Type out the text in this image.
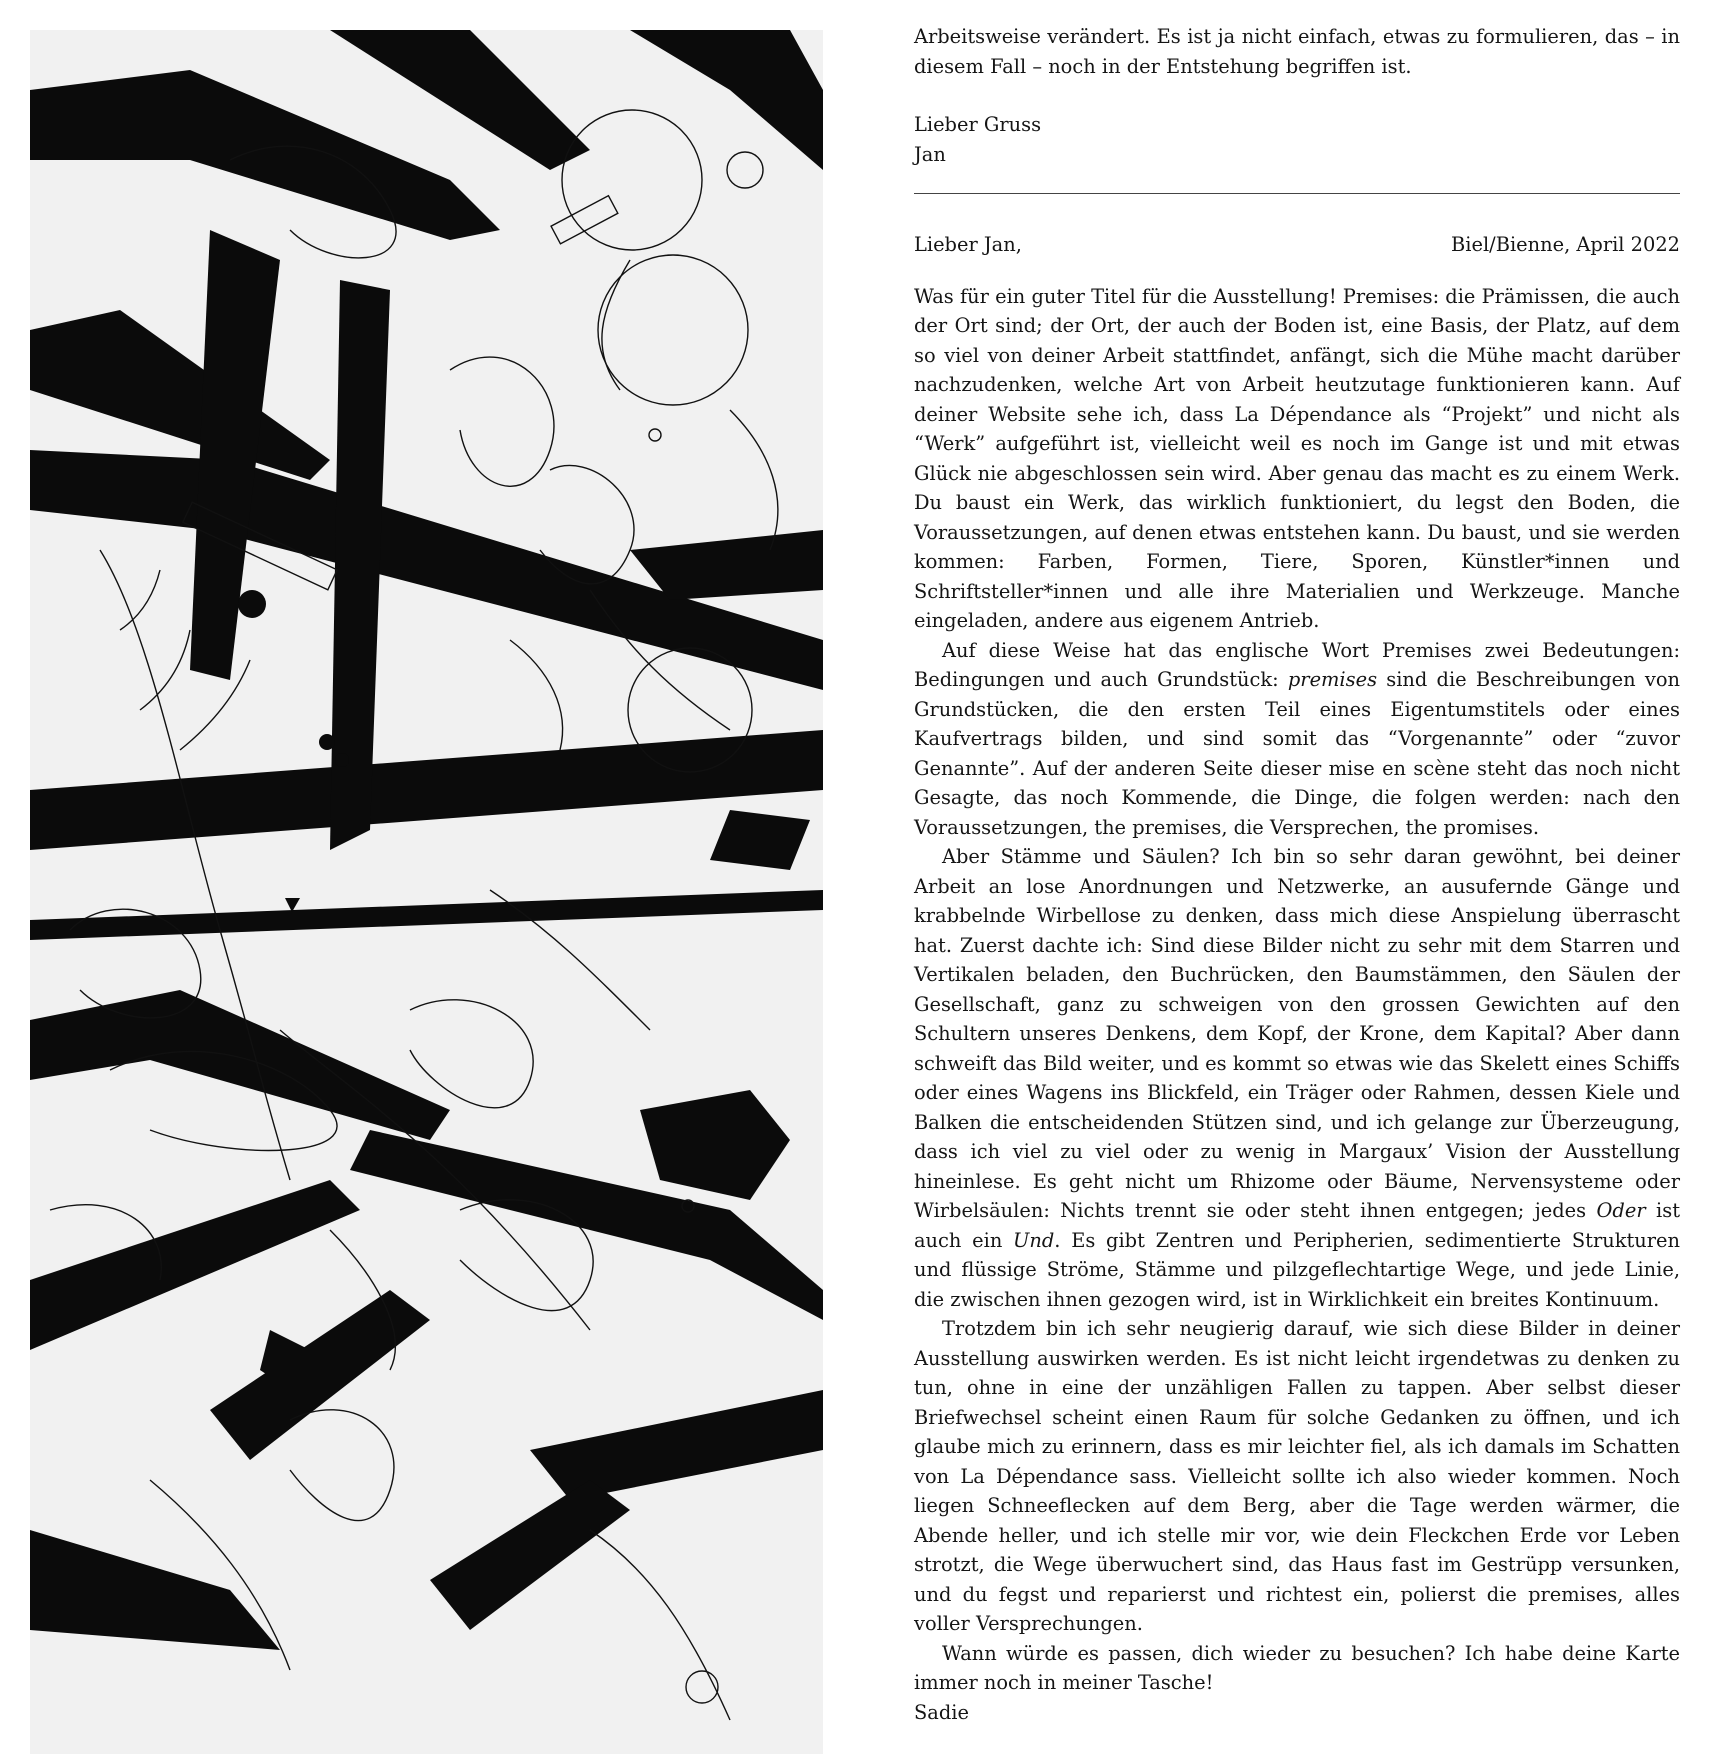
Arbeitsweise verändert. Es ist ja nicht einfach, etwas zu formulieren, das – in diesem Fall – noch in der Entstehung begriffen ist.

Lieber Gruss

Jan

Lieber Jan,	Biel/Bienne, April 2022

Was für ein guter Titel für die Ausstellung! Premises: die Prämissen, die auch der Ort sind; der Ort, der auch der Boden ist, eine Basis, der Platz, auf dem so viel von deiner Arbeit stattfindet, anfängt, sich die Mühe macht darüber nachzudenken, welche Art von Arbeit heutzutage funktionieren kann. Auf deiner Website sehe ich, dass La Dépendance als “Projekt” und nicht als “Werk” aufgeführt ist, vielleicht weil es noch im Gange ist und mit etwas Glück nie abgeschlossen sein wird. Aber genau das macht es zu einem Werk. Du baust ein Werk, das wirklich funktioniert, du legst den Boden, die Voraussetzungen, auf denen etwas entstehen kann. Du baust, und sie werden kommen: Farben, Formen, Tiere, Sporen, Künstler*innen und Schriftsteller*innen und alle ihre Materialien und Werkzeuge. Manche eingeladen, andere aus eigenem Antrieb.

Auf diese Weise hat das englische Wort Premises zwei Bedeutungen: Bedingungen und auch Grundstück: premises sind die Beschreibungen von Grundstücken, die den ersten Teil eines Eigentumstitels oder eines Kaufvertrags bilden, und sind somit das “Vorgenannte” oder “zuvor Genannte”. Auf der anderen Seite dieser mise en scène steht das noch nicht Gesagte, das noch Kommende, die Dinge, die folgen werden: nach den Voraussetzungen, the premises, die Versprechen, the promises.

Aber Stämme und Säulen? Ich bin so sehr daran gewöhnt, bei deiner Arbeit an lose Anordnungen und Netzwerke, an ausufernde Gänge und krabbelnde Wirbellose zu denken, dass mich diese Anspielung überrascht hat. Zuerst dachte ich: Sind diese Bilder nicht zu sehr mit dem Starren und Vertikalen beladen, den Buchrücken, den Baumstämmen, den Säulen der Gesellschaft, ganz zu schweigen von den grossen Gewichten auf den Schultern unseres Denkens, dem Kopf, der Krone, dem Kapital? Aber dann schweift das Bild weiter, und es kommt so etwas wie das Skelett eines Schiffs oder eines Wagens ins Blickfeld, ein Träger oder Rahmen, dessen Kiele und Balken die entscheidenden Stützen sind, und ich gelange zur Überzeugung, dass ich viel zu viel oder zu wenig in Margaux’ Vision der Ausstellung hineinlese. Es geht nicht um Rhizome oder Bäume, Nervensysteme oder Wirbelsäulen: Nichts trennt sie oder steht ihnen entgegen; jedes Oder ist auch ein Und. Es gibt Zentren und Peripherien, sedimentierte Strukturen und flüssige Ströme, Stämme und pilzgeflechtartige Wege, und jede Linie, die zwischen ihnen gezogen wird, ist in Wirklichkeit ein breites Kontinuum.

Trotzdem bin ich sehr neugierig darauf, wie sich diese Bilder in deiner Ausstellung auswirken werden. Es ist nicht leicht irgendetwas zu denken zu tun, ohne in eine der unzähligen Fallen zu tappen. Aber selbst dieser Briefwechsel scheint einen Raum für solche Gedanken zu öffnen, und ich glaube mich zu erinnern, dass es mir leichter fiel, als ich damals im Schatten von La Dépendance sass. Vielleicht sollte ich also wieder kommen. Noch liegen Schneeflecken auf dem Berg, aber die Tage werden wärmer, die Abende heller, und ich stelle mir vor, wie dein Fleckchen Erde vor Leben strotzt, die Wege überwuchert sind, das Haus fast im Gestrüpp versunken, und du fegst und reparierst und richtest ein, polierst die premises, alles voller Versprechungen.

Wann würde es passen, dich wieder zu besuchen? Ich habe deine Karte immer noch in meiner Tasche!

Sadie
